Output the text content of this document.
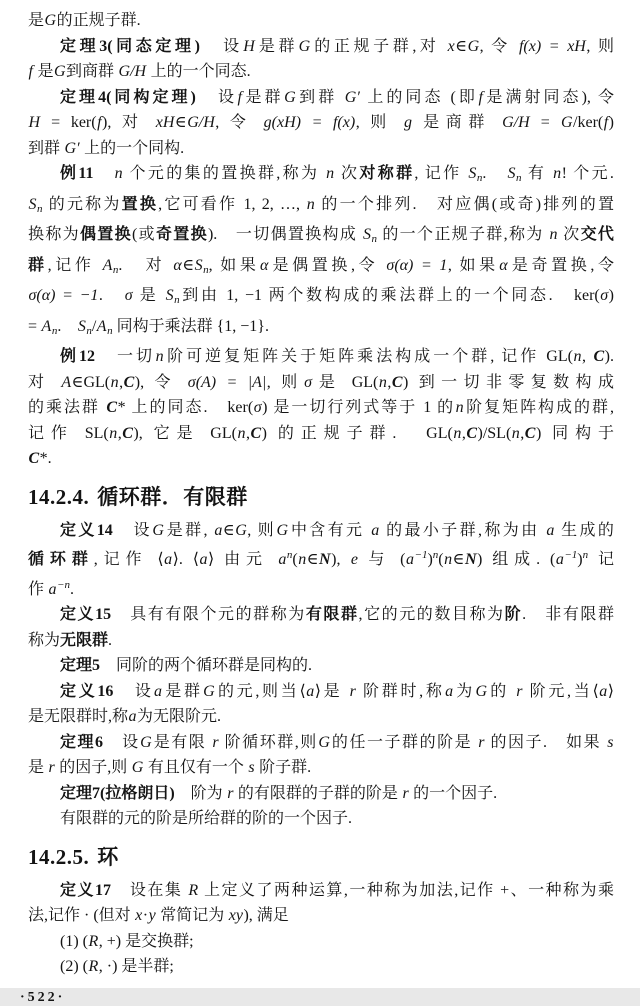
是G的正规子群.
定理3(同态定理)　设H是群G的正规子群,对 x∈G, 令 f(x) = xH, 则
f 是G到商群 G/H 上的一个同态.
定理4(同构定理)　设f是群G到群 G′ 上的同态 (即f是满射同态), 令
H = ker(f), 对 xH∈G/H, 令 g(xH) = f(x), 则 g 是商群 G/H = G/ker(f)
到群 G′ 上的一个同构.
例11　 n 个元的集的置换群,称为 n 次对称群, 记作 $S_n$.　$S_n$ 有 n! 个元.
$S_n$ 的元称为置换,它可看作 1, 2, …, n 的一个排列.　对应偶(或奇)排列的置
换称为偶置换(或奇置换).　一切偶置换构成 $S_n$ 的一个正规子群,称为 n 次交代
群,记作 $A_n$.　对 $\alpha\in S_n$, 如果α是偶置换,令 σ(α) = 1, 如果α是奇置换,令
σ(α) = −1.　σ 是 $S_n$到由 1, −1 两个数构成的乘法群上的一个同态.　ker(σ)
= $A_n$.　$S_n/A_n$ 同构于乘法群 {1, −1}.
例12　一切n阶可逆复矩阵关于矩阵乘法构成一个群, 记作 GL(n, C).
对 A∈GL(n,C), 令 σ(A) = |A|, 则σ是 GL(n,C) 到一切非零复数构成
的乘法群 C* 上的同态.　ker(σ) 是一切行列式等于 1 的n阶复矩阵构成的群,
记作 SL(n,C), 它是 GL(n,C) 的正规子群.　GL(n,C)/SL(n,C) 同构于
C*.
14.2.4. 循环群．有限群
定义14　设G是群, a∈G, 则G中含有元 a 的最小子群,称为由 a 生成的
循环群,记作 ⟨a⟩. ⟨a⟩ 由元 $a^n(n\in N)$, e 与 $(a^{-1})^n(n\in N)$ 组成. $(a^{-1})^n$ 记
作 $a^{-n}$.
定义15　具有有限个元的群称为有限群,它的元的数目称为阶.　非有限群
称为无限群.
定理5　同阶的两个循环群是同构的.
定义16　设a是群G的元,则当⟨a⟩是 r 阶群时,称a为G的 r 阶元,当⟨a⟩
是无限群时,称a为无限阶元.
定理6　设G是有限 r 阶循环群,则G的任一子群的阶是 r 的因子.　如果 s
是 r 的因子,则 G 有且仅有一个 s 阶子群.
定理7(拉格朗日)　阶为 r 的有限群的子群的阶是 r 的一个因子.
有限群的元的阶是所给群的阶的一个因子.
14.2.5. 环
定义17　设在集 R 上定义了两种运算,一种称为加法,记作 +、一种称为乘
法,记作 · (但对 x·y 常简记为 xy), 满足
(1) (R, +) 是交换群;
(2) (R, ·) 是半群;
·522·
